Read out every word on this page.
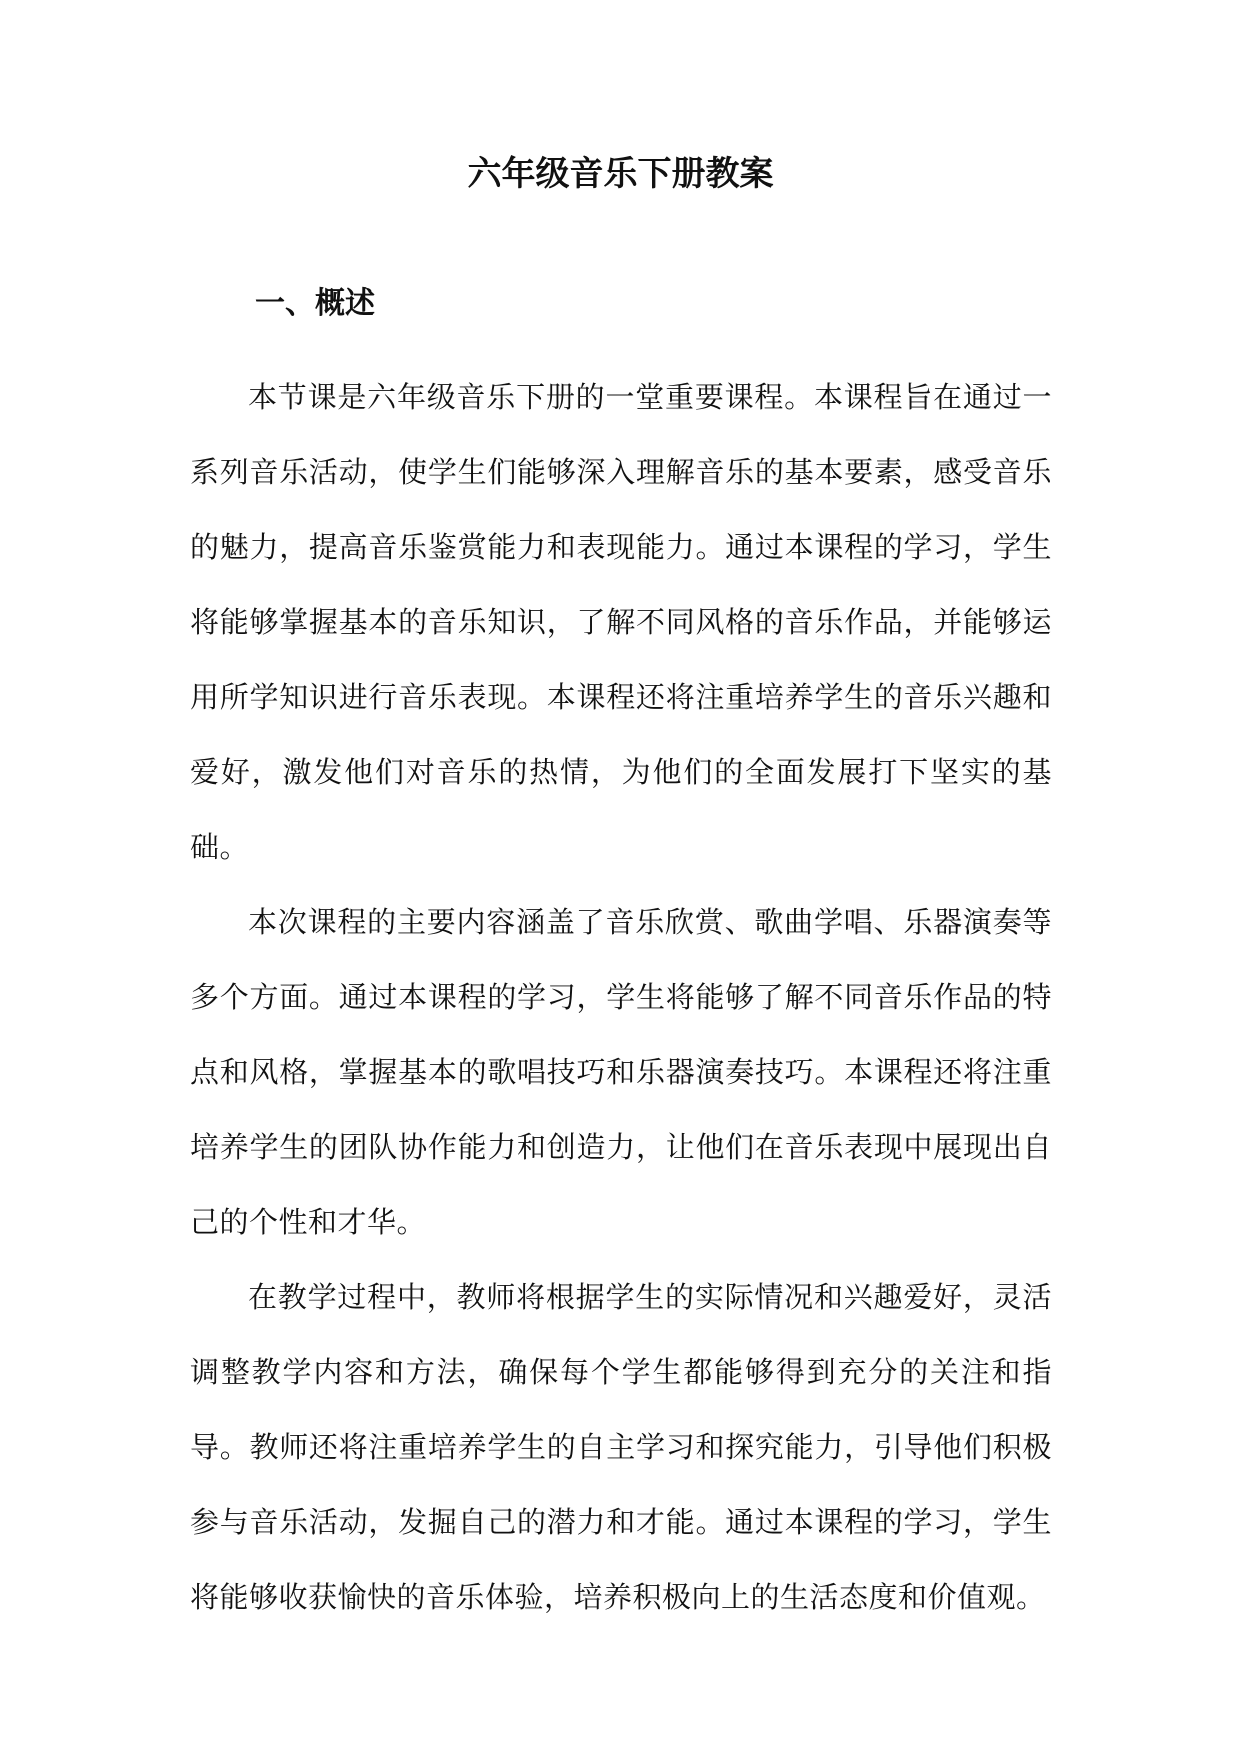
六年级音乐下册教案
一、概述

本节课是六年级音乐下册的一堂重要课程。本课程旨在通过一系列音乐活动，使学生们能够深入理解音乐的基本要素，感受音乐的魅力，提高音乐鉴赏能力和表现能力。通过本课程的学习，学生将能够掌握基本的音乐知识，了解不同风格的音乐作品，并能够运用所学知识进行音乐表现。本课程还将注重培养学生的音乐兴趣和爱好，激发他们对音乐的热情，为他们的全面发展打下坚实的基础。

本次课程的主要内容涵盖了音乐欣赏、歌曲学唱、乐器演奏等多个方面。通过本课程的学习，学生将能够了解不同音乐作品的特点和风格，掌握基本的歌唱技巧和乐器演奏技巧。本课程还将注重培养学生的团队协作能力和创造力，让他们在音乐表现中展现出自己的个性和才华。

在教学过程中，教师将根据学生的实际情况和兴趣爱好，灵活调整教学内容和方法，确保每个学生都能够得到充分的关注和指导。教师还将注重培养学生的自主学习和探究能力，引导他们积极参与音乐活动，发掘自己的潜力和才能。通过本课程的学习，学生将能够收获愉快的音乐体验，培养积极向上的生活态度和价值观。
